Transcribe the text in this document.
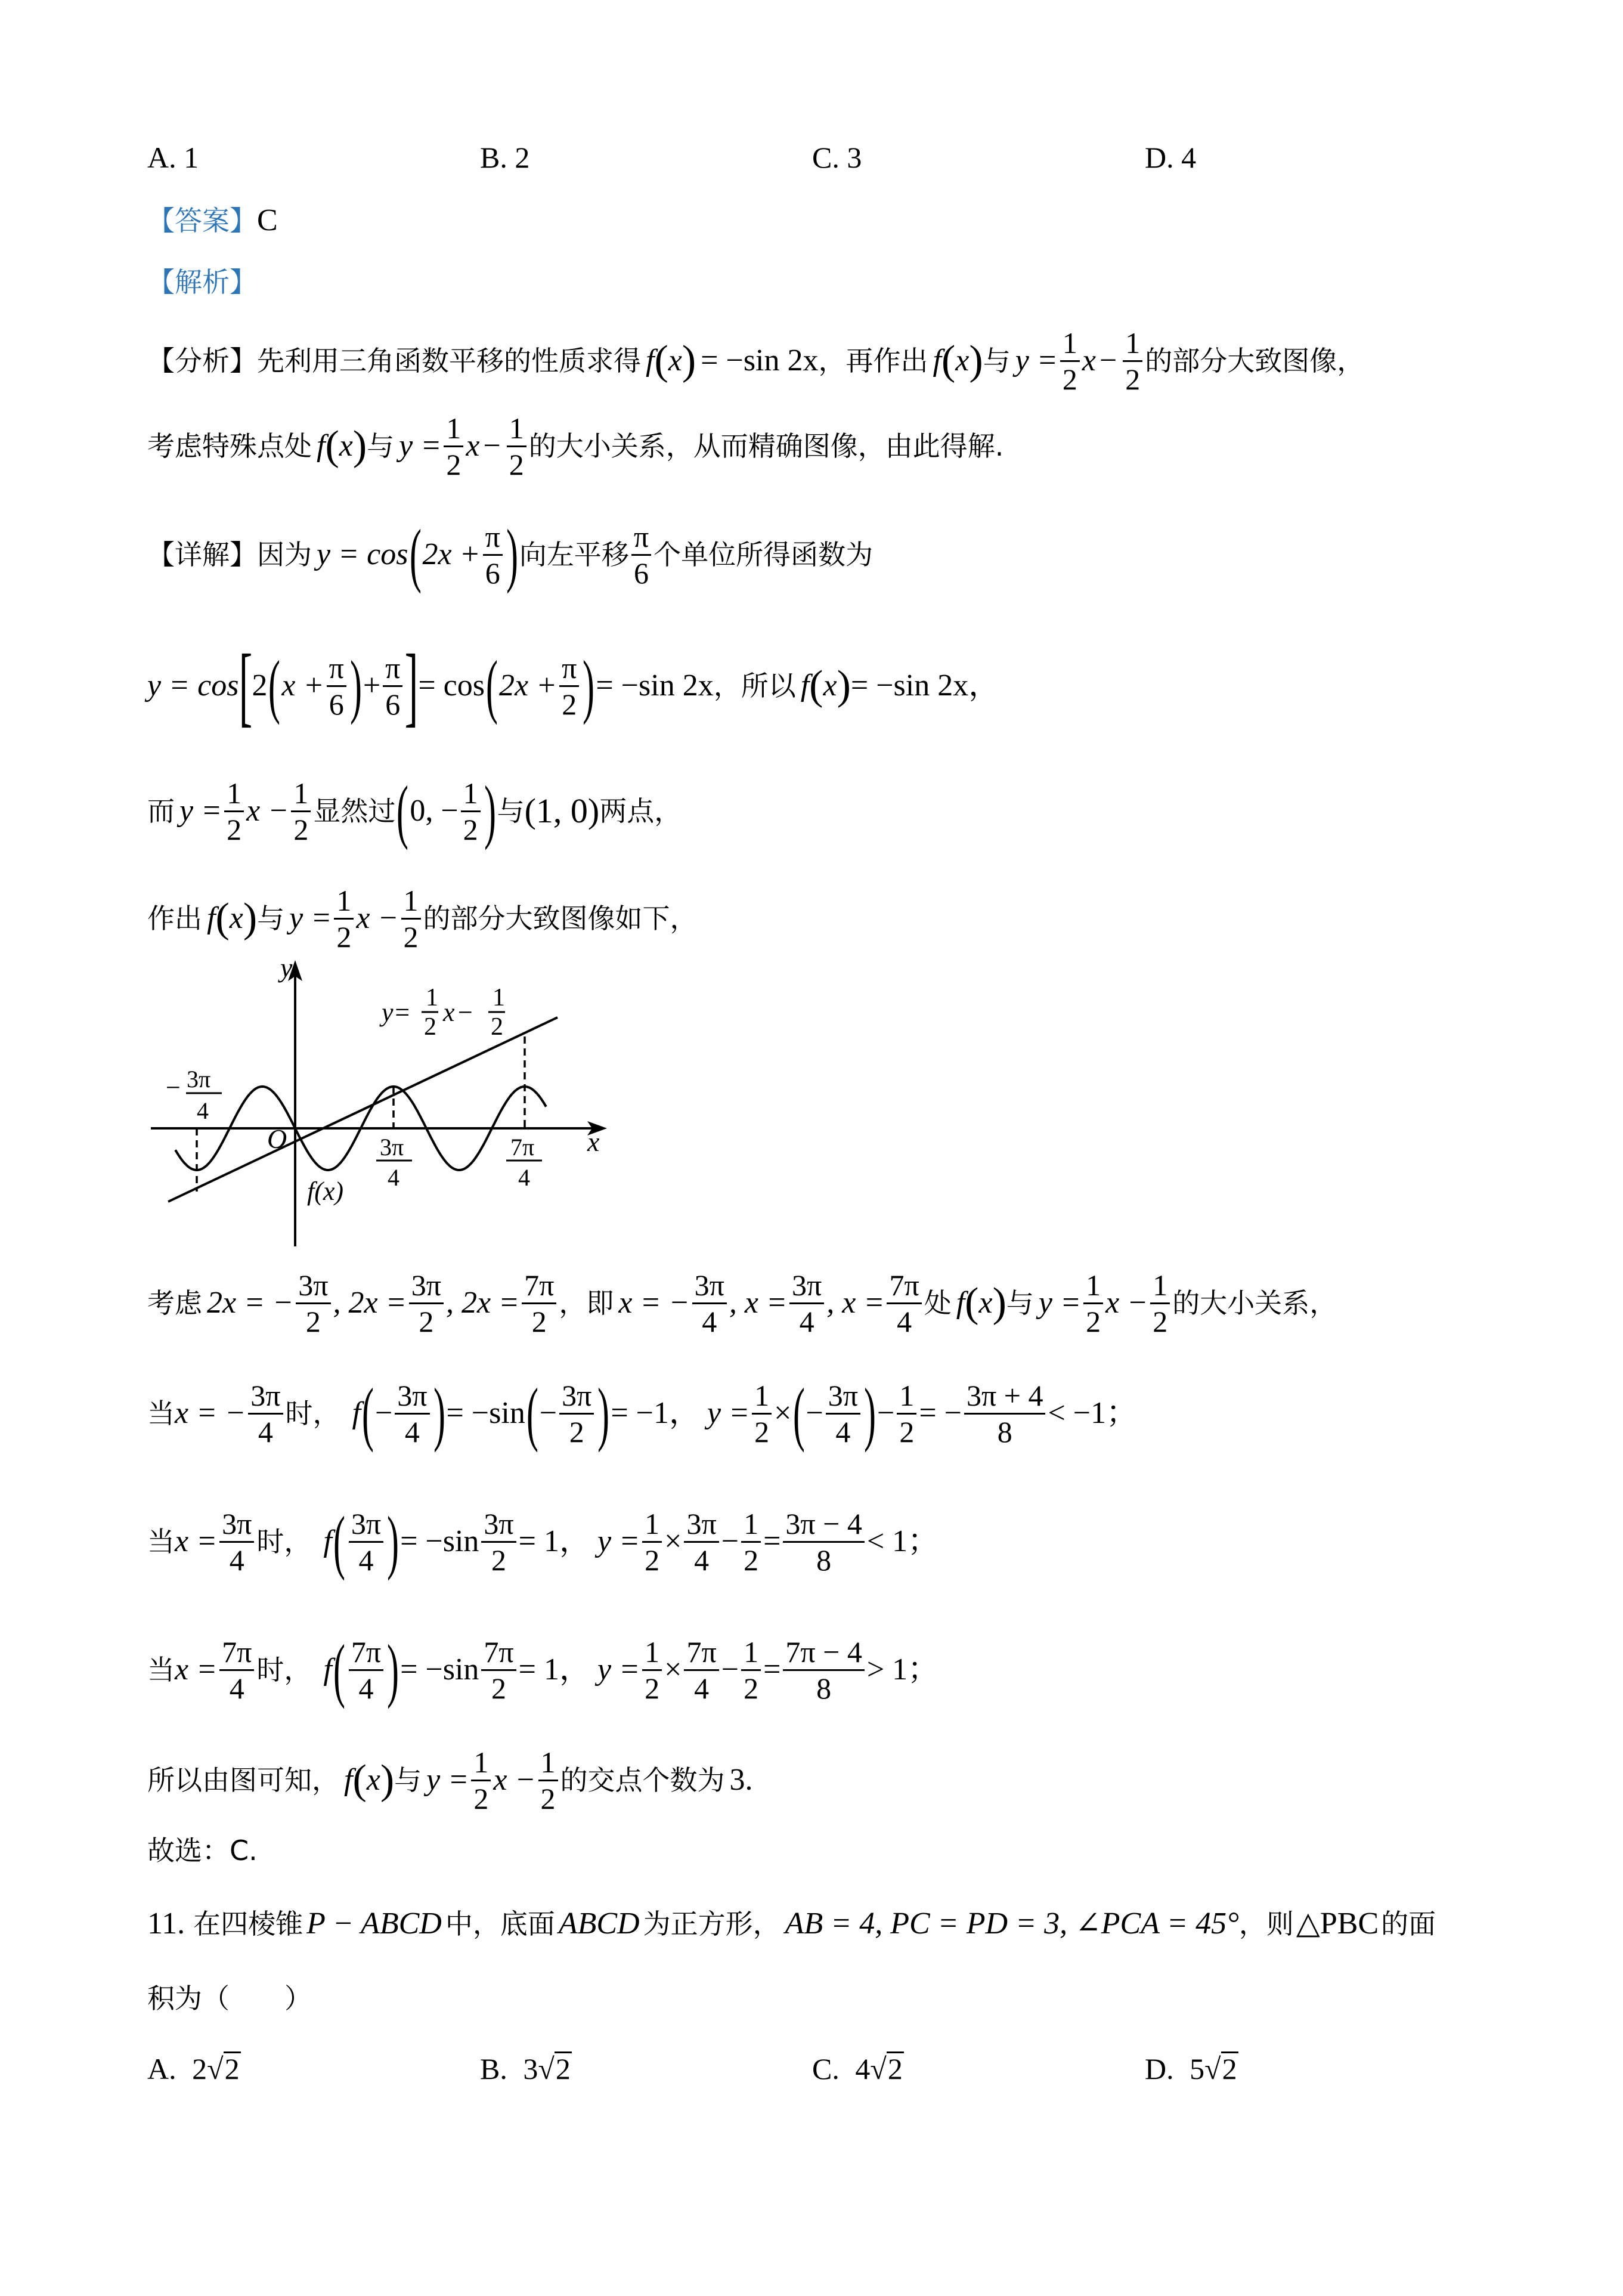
A. 1	B. 2	C. 3	D. 4
【答案】 C
【解析】
【分析】 先利用三角函数平移的性质求得 f ( x ) = −sin 2x ，再作出 f ( x ) 与 $y = \frac{1}{2}$ $x - \frac{1}{2}$ 的部分大致图像，
考虑特殊点处 f ( x ) 与 $y = \frac{1}{2}$ $x - \frac{1}{2}$ 的大小关系，从而精确图像，由此得解.
【详解】 因为 y = cos ( $2x + \frac{\pi}{6}$ ) 向左平移 $\frac{\pi}{6}$ 个单位所得函数为
y = cos [ 2 ( $x + \frac{\pi}{6}$ ) + $\frac{\pi}{6}$ ] = cos ( $2x + \frac{\pi}{2}$ ) = −sin 2x ，所以 f ( x ) = −sin 2x，
而 $y = \frac{1}{2}$ $x - \frac{1}{2}$ 显然过 ( 0, − $\frac{1}{2}$ ) 与 (1, 0) 两点，
作出 f ( x ) 与 $y = \frac{1}{2}$ $x - \frac{1}{2}$ 的部分大致图像如下，
y
x
O
y= 1
2 x − 1
2
− 3π
4
3π
4
7π
4
f(x)
考虑 2x = − $\frac{3\pi}{2}$ , $2x = \frac{3\pi}{2}$ , $2x = \frac{7\pi}{2}$ ，即 x = − $\frac{3\pi}{4}$ , $x = \frac{3\pi}{4}$ , $x = \frac{7\pi}{4}$ 处 f ( x ) 与 $y = \frac{1}{2}$ $x - \frac{1}{2}$ 的大小关系，
当 x = − $\frac{3\pi}{4}$ 时， f ( − $\frac{3\pi}{4}$ ) = −sin ( − $\frac{3\pi}{2}$ ) = −1， $y = \frac{1}{2}$ × ( − $\frac{3\pi}{4}$ ) − $\frac{1}{2}$ = − $\frac{3\pi + 4}{8} < -1$；
当 $x = \frac{3\pi}{4}$ 时， f ( $\frac{3\pi}{4}$ ) = $-\sin \frac{3\pi}{2} = 1$， $y = \frac{1}{2} \times \frac{3\pi}{4} - \frac{1}{2} = \frac{3\pi - 4}{8} < 1$；
当 $x = \frac{7\pi}{4}$ 时， f ( $\frac{7\pi}{4}$ ) = $-\sin \frac{7\pi}{2} = 1$， $y = \frac{1}{2} \times \frac{7\pi}{4} - \frac{1}{2} = \frac{7\pi - 4}{8} > 1$；
所以由图可知， f ( x ) 与 $y = \frac{1}{2}$ $x - \frac{1}{2}$ 的交点个数为 3 .
故选：C.
11. 在四棱锥 P − ABCD 中，底面 ABCD 为正方形， AB = 4, PC = PD = 3, ∠PCA = 45° ，则 △PBC 的面
积为（　　）
A. 2√2	B. 3√2	C. 4√2	D. 5√2
